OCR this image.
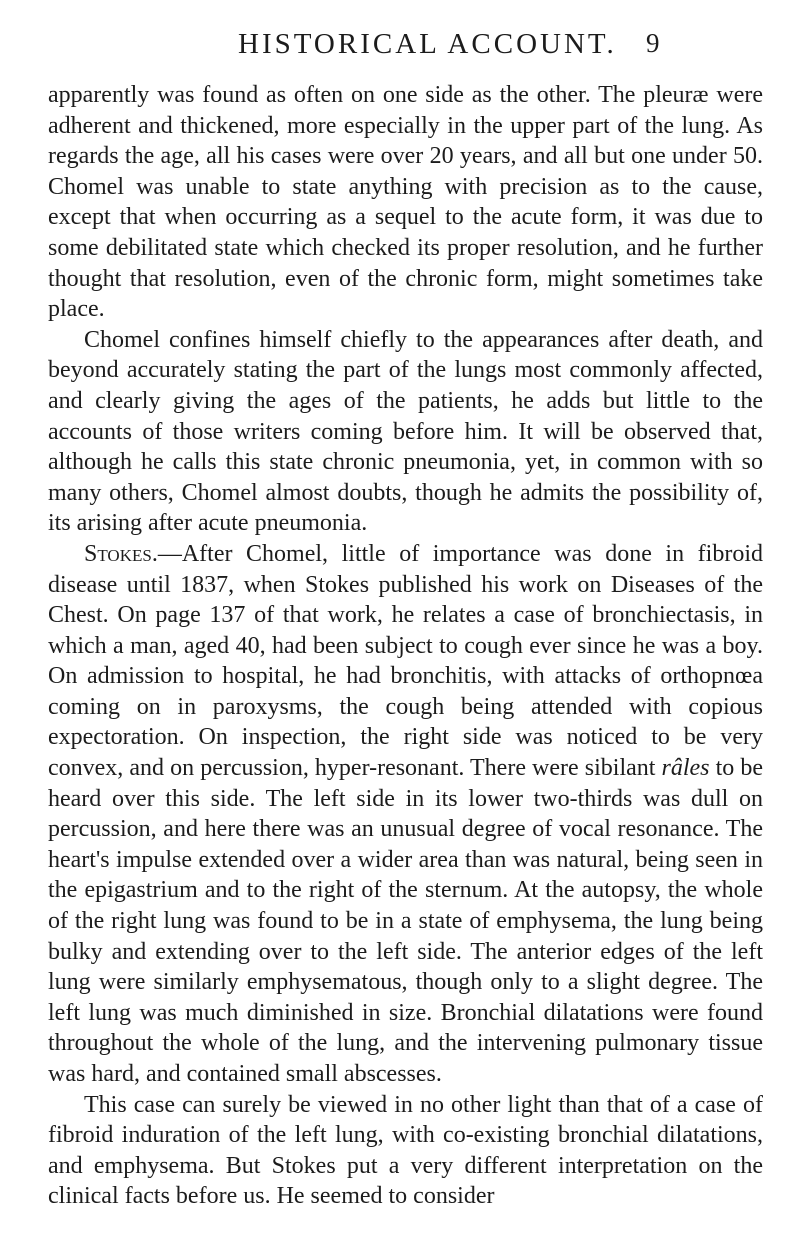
HISTORICAL ACCOUNT. 9

apparently was found as often on one side as the other. The pleuræ were adherent and thickened, more especially in the upper part of the lung. As regards the age, all his cases were over 20 years, and all but one under 50. Chomel was unable to state anything with precision as to the cause, except that when occurring as a sequel to the acute form, it was due to some debilitated state which checked its proper resolution, and he further thought that resolution, even of the chronic form, might sometimes take place.

Chomel confines himself chiefly to the appearances after death, and beyond accurately stating the part of the lungs most commonly affected, and clearly giving the ages of the patients, he adds but little to the accounts of those writers coming before him. It will be observed that, although he calls this state chronic pneumonia, yet, in common with so many others, Chomel almost doubts, though he admits the possibility of, its arising after acute pneumonia.

Stokes.—After Chomel, little of importance was done in fibroid disease until 1837, when Stokes published his work on Diseases of the Chest. On page 137 of that work, he relates a case of bronchiectasis, in which a man, aged 40, had been subject to cough ever since he was a boy. On admission to hospital, he had bronchitis, with attacks of orthopnœa coming on in paroxysms, the cough being attended with copious expectoration. On inspection, the right side was noticed to be very convex, and on percussion, hyper-resonant. There were sibilant râles to be heard over this side. The left side in its lower two-thirds was dull on percussion, and here there was an unusual degree of vocal resonance. The heart's impulse extended over a wider area than was natural, being seen in the epigastrium and to the right of the sternum. At the autopsy, the whole of the right lung was found to be in a state of emphysema, the lung being bulky and extending over to the left side. The anterior edges of the left lung were similarly emphysematous, though only to a slight degree. The left lung was much diminished in size. Bronchial dilatations were found throughout the whole of the lung, and the intervening pulmonary tissue was hard, and contained small abscesses.

This case can surely be viewed in no other light than that of a case of fibroid induration of the left lung, with co-existing bronchial dilatations, and emphysema. But Stokes put a very different interpretation on the clinical facts before us. He seemed to consider
